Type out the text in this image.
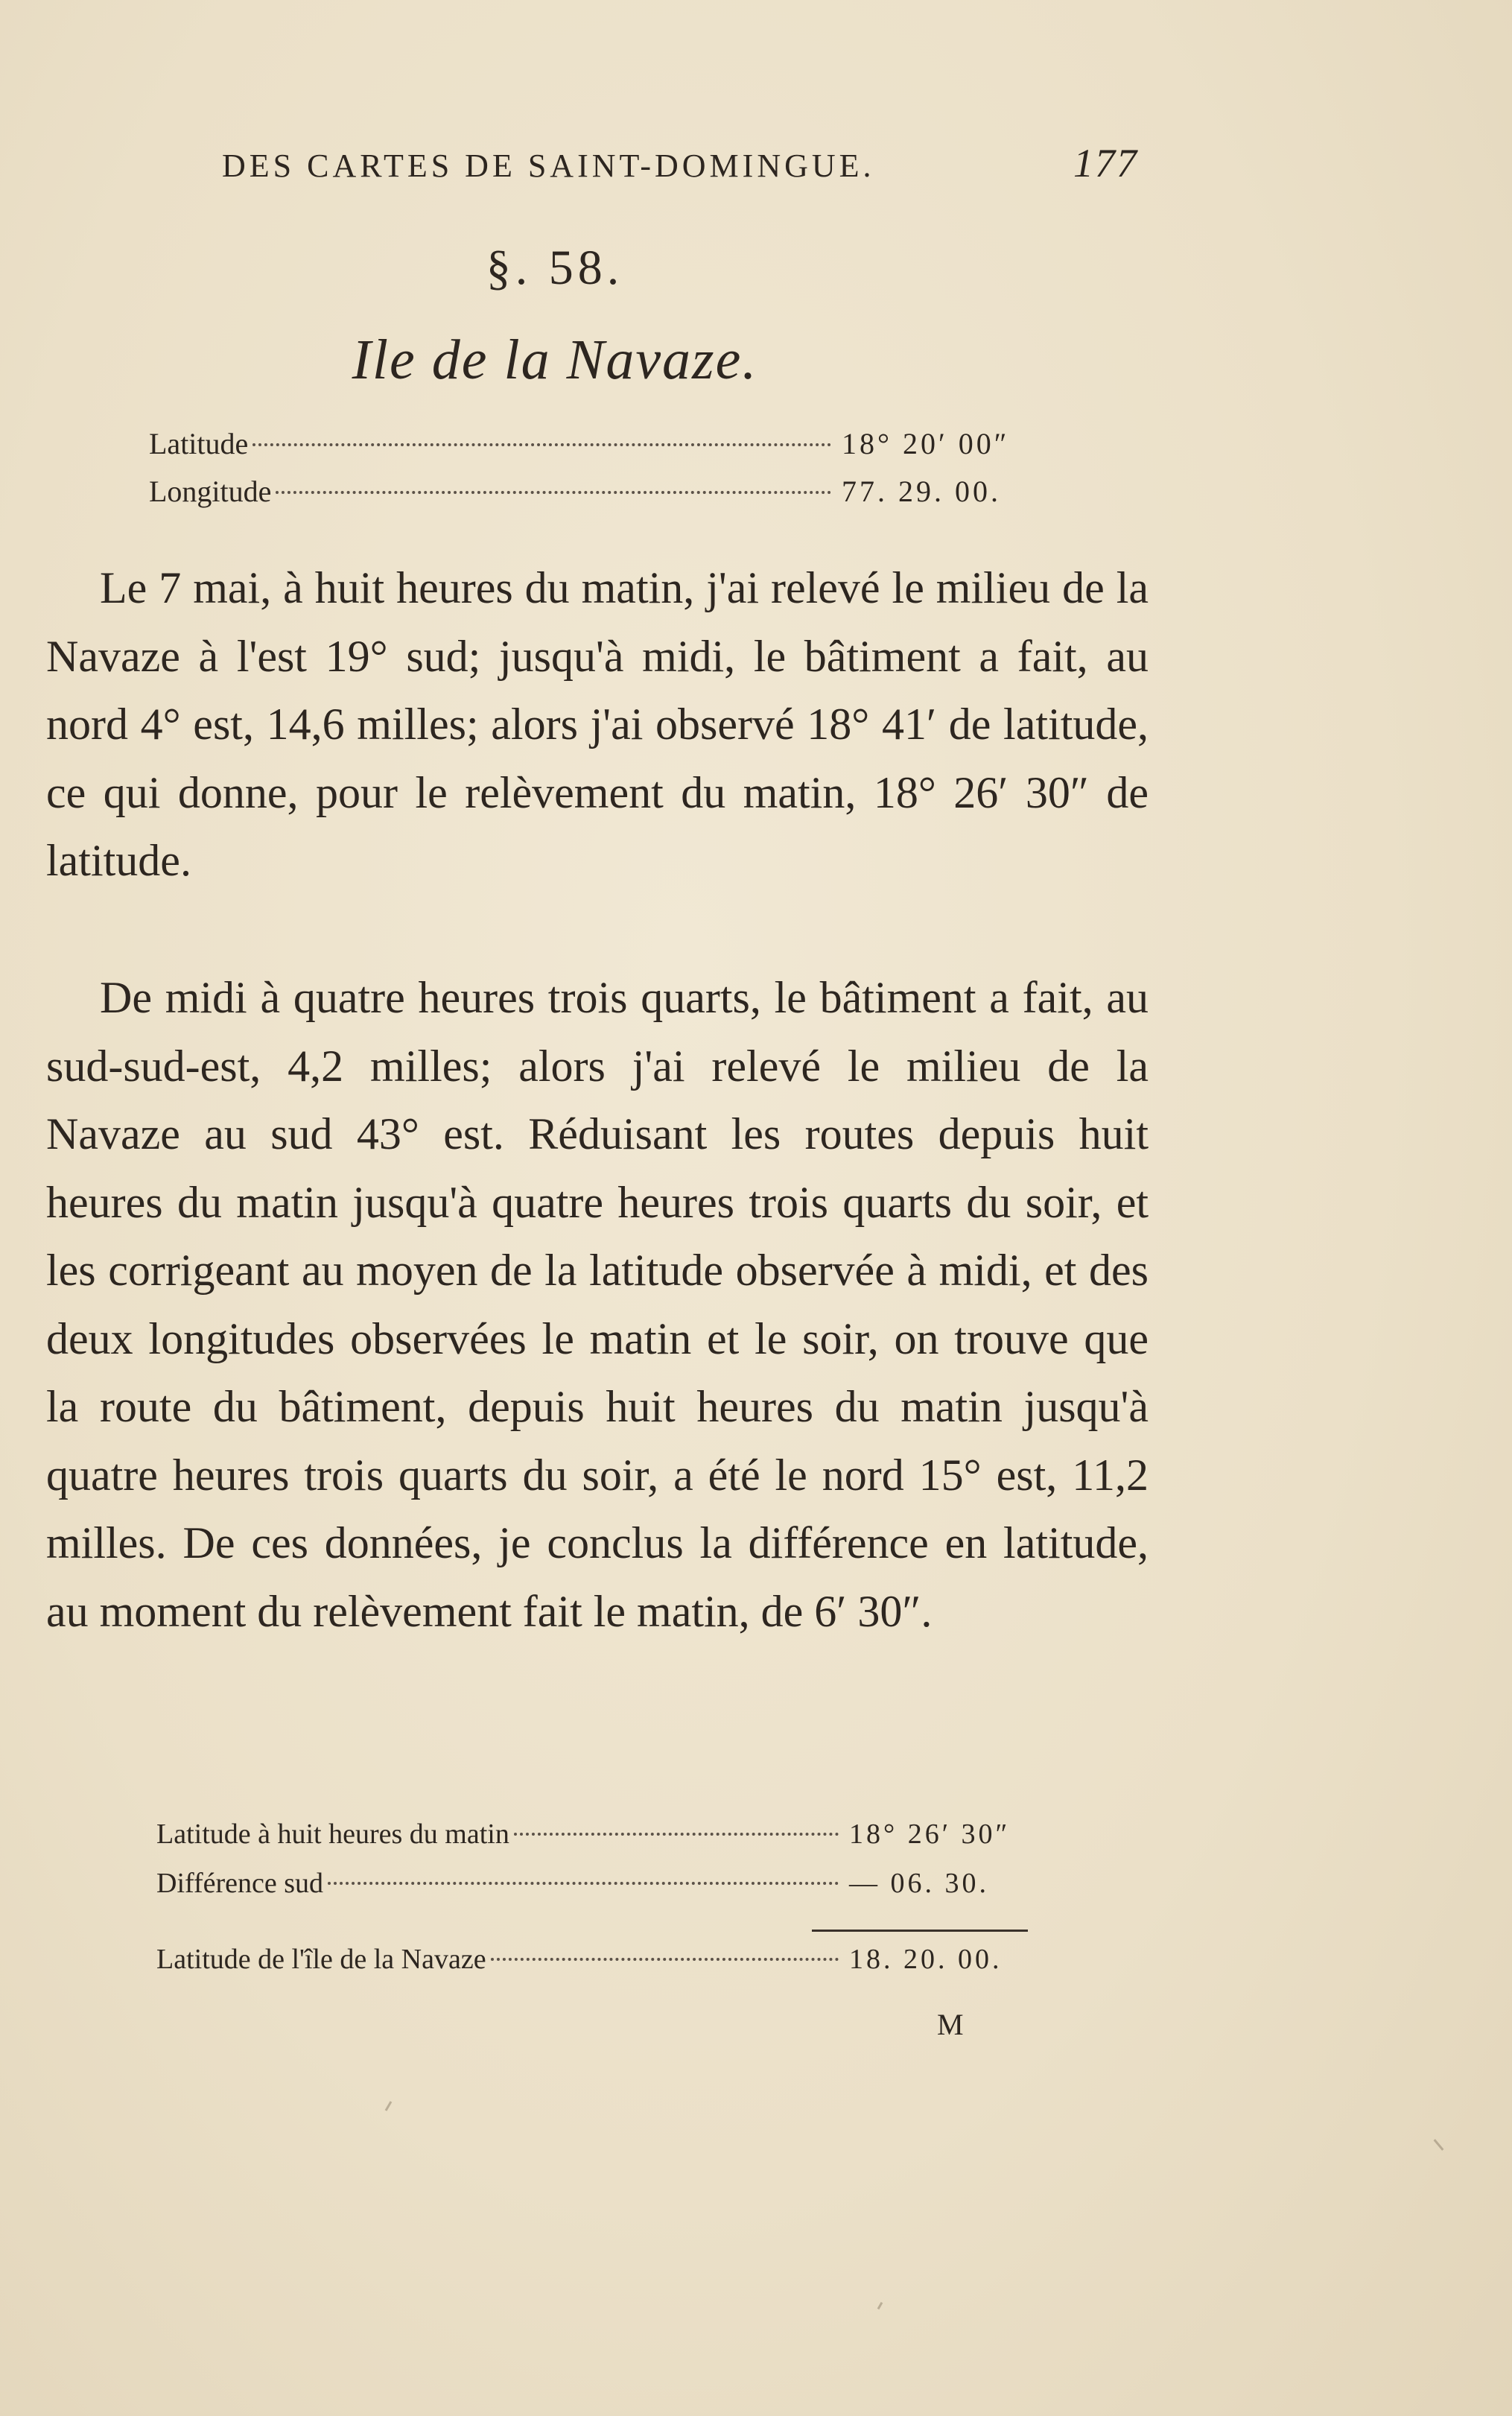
DES CARTES DE SAINT-DOMINGUE.	177
§. 58.
Ile de la Navaze.
Latitude	18° 20′ 00″
Longitude	77. 29. 00.

Le 7 mai, à huit heures du matin, j'ai relevé le milieu de la Navaze à l'est 19° sud; jusqu'à midi, le bâtiment a fait, au nord 4° est, 14,6 milles; alors j'ai observé 18° 41′ de latitude, ce qui donne, pour le relèvement du matin, 18° 26′ 30″ de latitude.

De midi à quatre heures trois quarts, le bâtiment a fait, au sud-sud-est, 4,2 milles; alors j'ai relevé le milieu de la Navaze au sud 43° est. Réduisant les routes depuis huit heures du matin jusqu'à quatre heures trois quarts du soir, et les corrigeant au moyen de la latitude observée à midi, et des deux longitudes observées le matin et le soir, on trouve que la route du bâtiment, depuis huit heures du matin jusqu'à quatre heures trois quarts du soir, a été le nord 15° est, 11,2 milles. De ces données, je conclus la différence en latitude, au moment du relèvement fait le matin, de 6′ 30″.

Latitude à huit heures du matin	18° 26′ 30″
Différence sud	— 06. 30.
Latitude de l'île de la Navaze	18. 20. 00.
M
